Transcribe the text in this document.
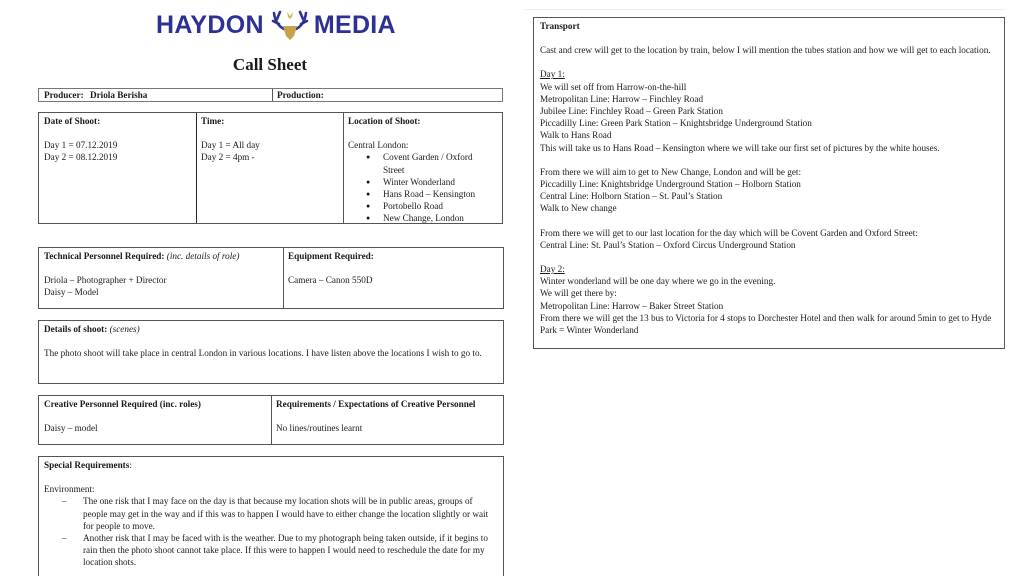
HAYDON MEDIA
Call Sheet
Producer: Driola Berisha	Production:
Date of Shoot:
Day 1 = 07.12.2019
Day 2 = 08.12.2019
Time:
Day 1 = All day
Day 2 = 4pm -
Location of Shoot:
Central London:
● Covent Garden / Oxford Street
● Winter Wonderland
● Hans Road – Kensington
● Portobello Road
● New Change, London
Technical Personnel Required: (inc. details of role)
Driola – Photographer + Director
Daisy – Model
Equipment Required:
Camera – Canon 550D
Details of shoot: (scenes)
The photo shoot will take place in central London in various locations. I have listen above the locations I wish to go to.
Creative Personnel Required (inc. roles)
Daisy – model
Requirements / Expectations of Creative Personnel
No lines/routines learnt
Special Requirements:
Environment:
– The one risk that I may face on the day is that because my location shots will be in public areas, groups of people may get in the way and if this was to happen I would have to either change the location slightly or wait for people to move.
– Another risk that I may be faced with is the weather. Due to my photograph being taken outside, if it begins to rain then the photo shoot cannot take place. If this were to happen I would need to reschedule the date for my location shots.
Transport
Cast and crew will get to the location by train, below I will mention the tubes station and how we will get to each location.
Day 1:
We will set off from Harrow-on-the-hill
Metropolitan Line: Harrow – Finchley Road
Jubilee Line: Finchley Road – Green Park Station
Piccadilly Line: Green Park Station – Knightsbridge Underground Station
Walk to Hans Road
This will take us to Hans Road – Kensington where we will take our first set of pictures by the white houses.
From there we will aim to get to New Change, London and will be get:
Piccadilly Line: Knightsbridge Underground Station – Holborn Station
Central Line: Holborn Station – St. Paul’s Station
Walk to New change
From there we will get to our last location for the day which will be Covent Garden and Oxford Street:
Central Line: St. Paul’s Station – Oxford Circus Underground Station
Day 2:
Winter wonderland will be one day where we go in the evening.
We will get there by:
Metropolitan Line: Harrow – Baker Street Station
From there we will get the 13 bus to Victoria for 4 stops to Dorchester Hotel and then walk for around 5min to get to Hyde Park = Winter Wonderland
